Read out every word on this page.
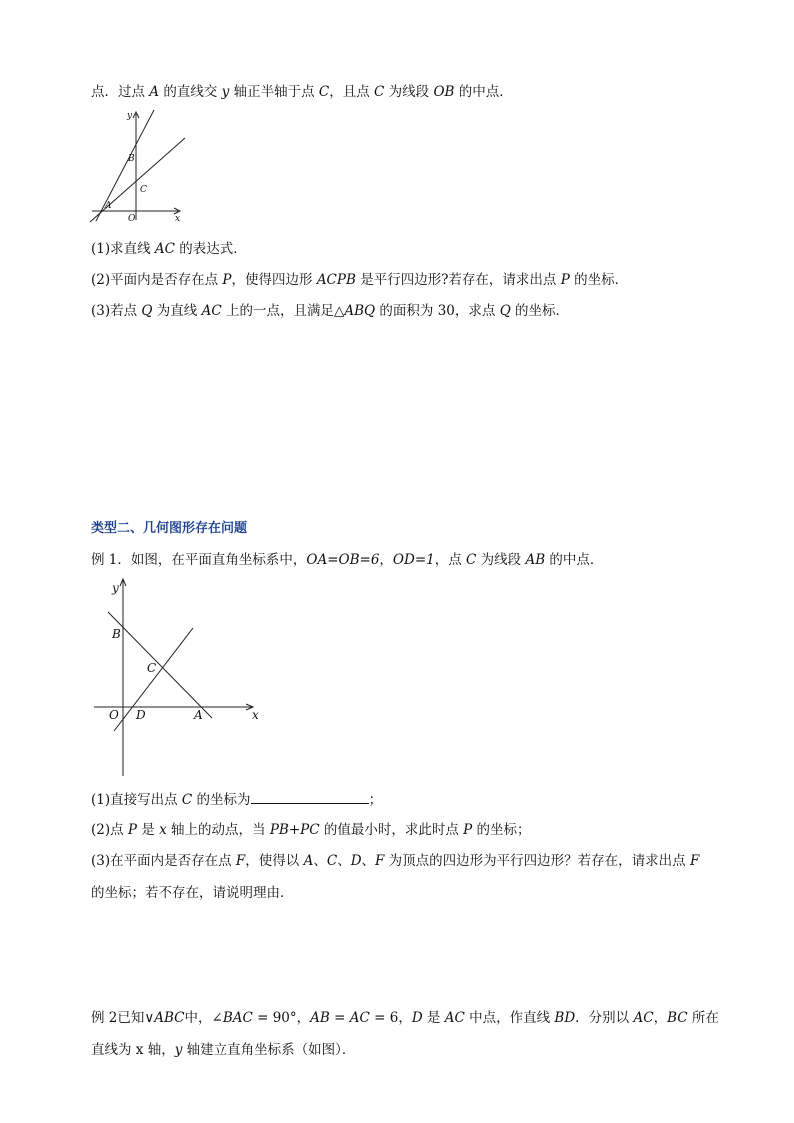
点．过点 A 的直线交 y 轴正半轴于点 C，且点 C 为线段 OB 的中点．
y
x
B
C
A
O
(1)求直线 AC 的表达式．
(2)平面内是否存在点 P，使得四边形 ACPB 是平行四边形?若存在，请求出点 P 的坐标．
(3)若点 Q 为直线 AC 上的一点，且满足△ABQ 的面积为 30，求点 Q 的坐标．
类型二、几何图形存在问题
例 1．如图，在平面直角坐标系中，OA=OB=6，OD=1，点 C 为线段 AB 的中点．
y
x
B
C
O D	A
(1)直接写出点 C 的坐标为	；
(2)点 P 是 x 轴上的动点，当 PB+PC 的值最小时，求此时点 P 的坐标；
(3)在平面内是否存在点 F，使得以 A、C、D、F 为顶点的四边形为平行四边形？若存在，请求出点 F
的坐标；若不存在，请说明理由．
例 2已知∨ABC中，∠BAC = 90°，AB = AC = 6，D 是 AC 中点，作直线 BD．分别以 AC，BC 所在
直线为 x 轴，y 轴建立直角坐标系（如图）．
